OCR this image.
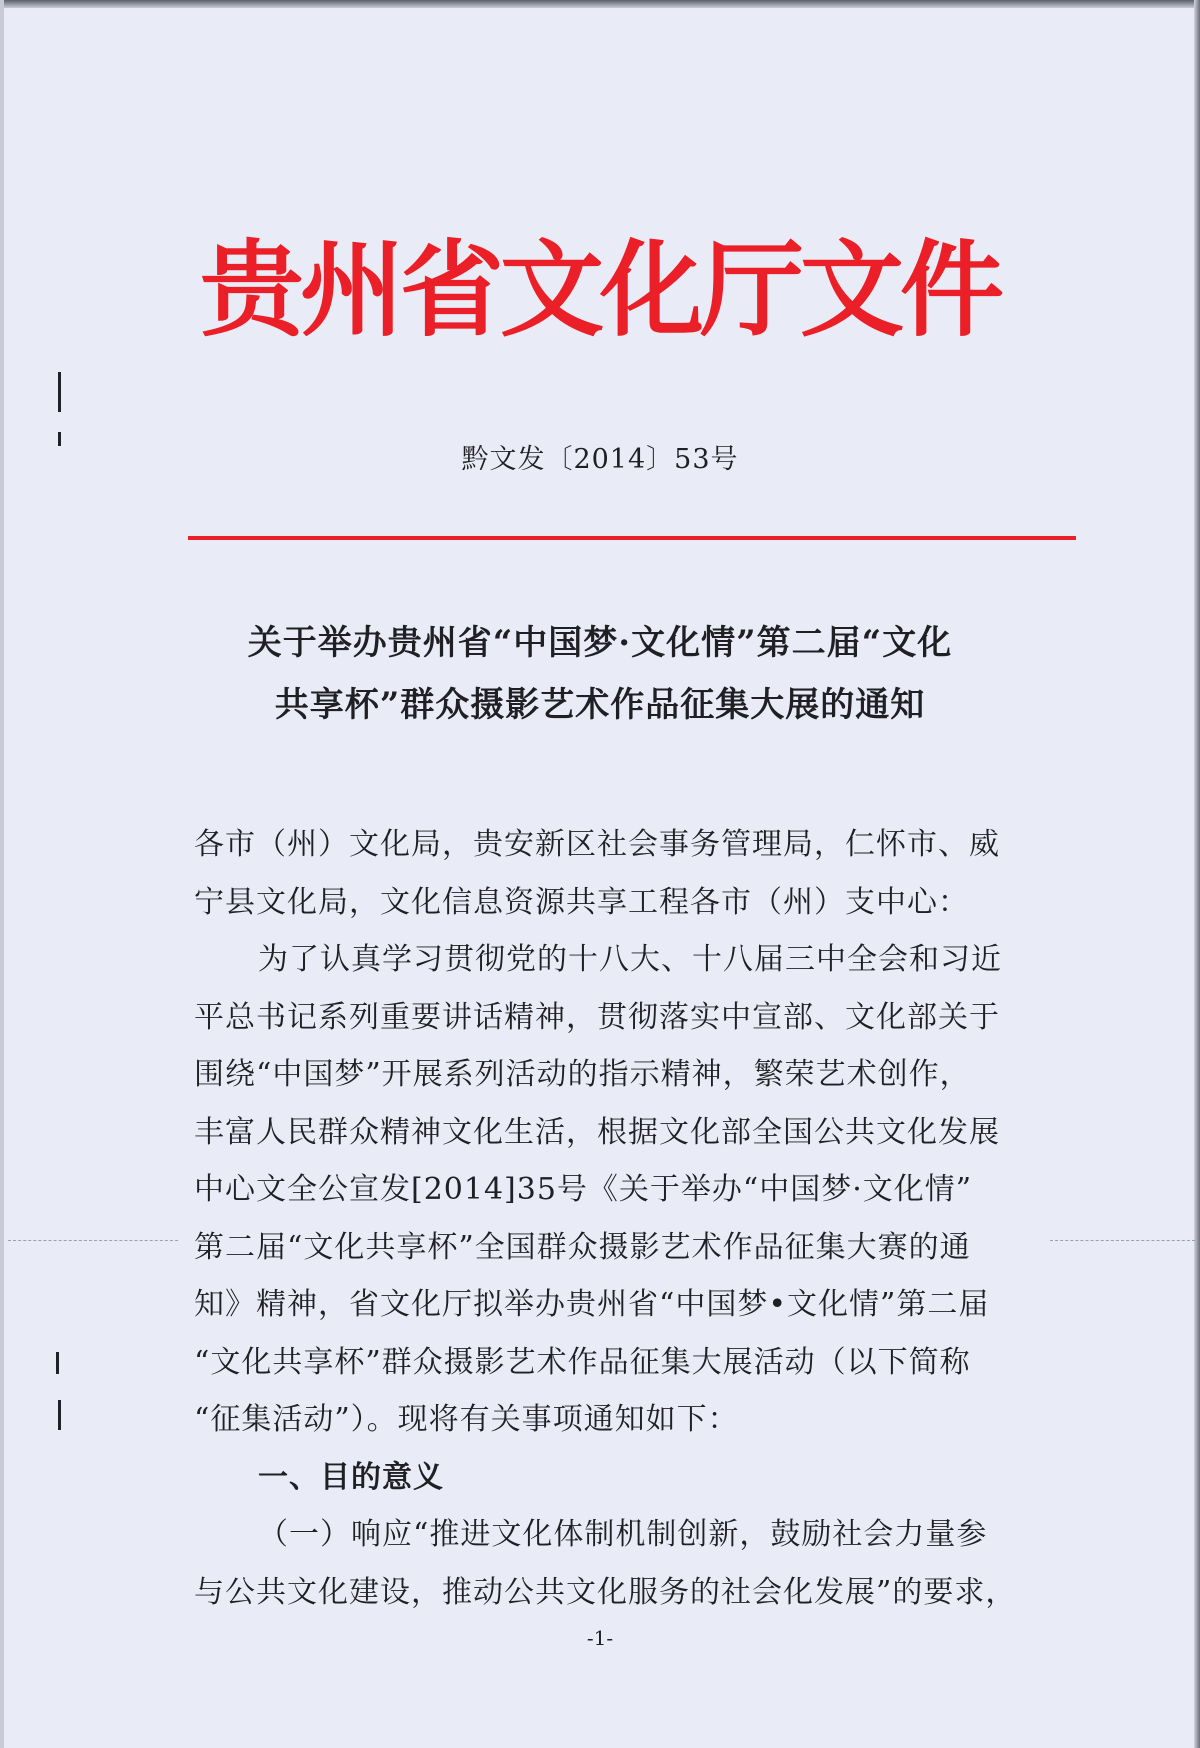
贵州省文化厅文件
黔文发〔2014〕53号
关于举办贵州省“中国梦·文化情”第二届“文化
共享杯”群众摄影艺术作品征集大展的通知
各市（州）文化局，贵安新区社会事务管理局，仁怀市、威
宁县文化局，文化信息资源共享工程各市（州）支中心：
为了认真学习贯彻党的十八大、十八届三中全会和习近
平总书记系列重要讲话精神，贯彻落实中宣部、文化部关于
围绕“中国梦”开展系列活动的指示精神，繁荣艺术创作，
丰富人民群众精神文化生活，根据文化部全国公共文化发展
中心文全公宣发[2014]35号《关于举办“中国梦·文化情”
第二届“文化共享杯”全国群众摄影艺术作品征集大赛的通
知》精神，省文化厅拟举办贵州省“中国梦•文化情”第二届
“文化共享杯”群众摄影艺术作品征集大展活动（以下简称
“征集活动”）。现将有关事项通知如下：
一、目的意义
（一）响应“推进文化体制机制创新，鼓励社会力量参
与公共文化建设，推动公共文化服务的社会化发展”的要求，
-1-
